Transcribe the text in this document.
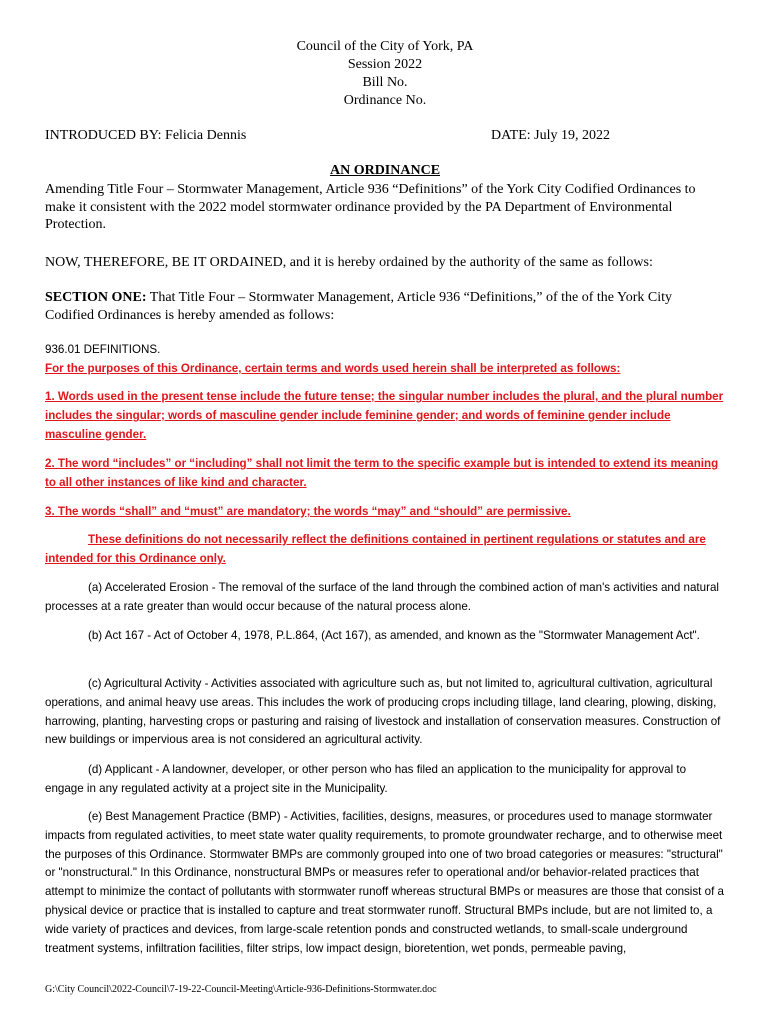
Council of the City of York, PA
Session 2022
Bill No.
Ordinance No.
INTRODUCED BY: Felicia Dennis	DATE: July 19, 2022
AN ORDINANCE
Amending Title Four – Stormwater Management, Article 936 “Definitions” of the York City Codified Ordinances to make it consistent with the 2022 model stormwater ordinance provided by the PA Department of Environmental Protection.
NOW, THEREFORE, BE IT ORDAINED, and it is hereby ordained by the authority of the same as follows:
SECTION ONE: That Title Four – Stormwater Management, Article 936 “Definitions,” of the of the York City Codified Ordinances is hereby amended as follows:
936.01 DEFINITIONS.
For the purposes of this Ordinance, certain terms and words used herein shall be interpreted as follows:
1. Words used in the present tense include the future tense; the singular number includes the plural, and the plural number includes the singular; words of masculine gender include feminine gender; and words of feminine gender include masculine gender.
2. The word “includes” or “including” shall not limit the term to the specific example but is intended to extend its meaning to all other instances of like kind and character.
3. The words “shall” and “must” are mandatory; the words “may” and “should” are permissive.
These definitions do not necessarily reflect the definitions contained in pertinent regulations or statutes and are intended for this Ordinance only.
(a) Accelerated Erosion - The removal of the surface of the land through the combined action of man's activities and natural processes at a rate greater than would occur because of the natural process alone.
(b) Act 167 - Act of October 4, 1978, P.L.864, (Act 167), as amended, and known as the "Stormwater Management Act".
(c) Agricultural Activity - Activities associated with agriculture such as, but not limited to, agricultural cultivation, agricultural operations, and animal heavy use areas. This includes the work of producing crops including tillage, land clearing, plowing, disking, harrowing, planting, harvesting crops or pasturing and raising of livestock and installation of conservation measures. Construction of new buildings or impervious area is not considered an agricultural activity.
(d) Applicant - A landowner, developer, or other person who has filed an application to the municipality for approval to engage in any regulated activity at a project site in the Municipality.
(e) Best Management Practice (BMP) - Activities, facilities, designs, measures, or procedures used to manage stormwater impacts from regulated activities, to meet state water quality requirements, to promote groundwater recharge, and to otherwise meet the purposes of this Ordinance. Stormwater BMPs are commonly grouped into one of two broad categories or measures: "structural" or "nonstructural." In this Ordinance, nonstructural BMPs or measures refer to operational and/or behavior-related practices that attempt to minimize the contact of pollutants with stormwater runoff whereas structural BMPs or measures are those that consist of a physical device or practice that is installed to capture and treat stormwater runoff. Structural BMPs include, but are not limited to, a wide variety of practices and devices, from large-scale retention ponds and constructed wetlands, to small-scale underground treatment systems, infiltration facilities, filter strips, low impact design, bioretention, wet ponds, permeable paving,
G:\City Council\2022-Council\7-19-22-Council-Meeting\Article-936-Definitions-Stormwater.doc
